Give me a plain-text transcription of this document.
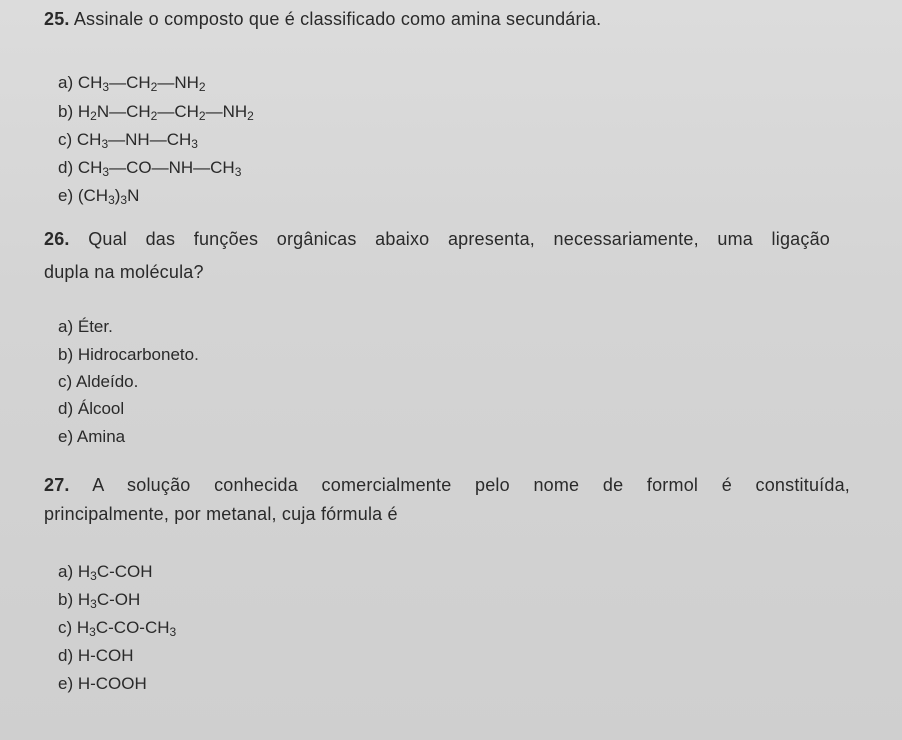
25. Assinale o composto que é classificado como amina secundária.
a) $CH_3—CH_2—NH_2$
b) $H_2N—CH_2—CH_2—NH_2$
c) $CH_3—NH—CH_3$
d) $CH_3—CO—NH—CH_3$
e) $(CH_3)_3N$
26. Qual das funções orgânicas abaixo apresenta, necessariamente, uma ligação
dupla na molécula?
a) Éter.
b) Hidrocarboneto.
c) Aldeído.
d) Álcool
e) Amina
27. A solução conhecida comercialmente pelo nome de formol é constituída,
principalmente, por metanal, cuja fórmula é
a) $H_3C$-COH
b) $H_3C-OH$
c) $H_3C-CO-CH_3$
d) H-COH
e) H-COOH
